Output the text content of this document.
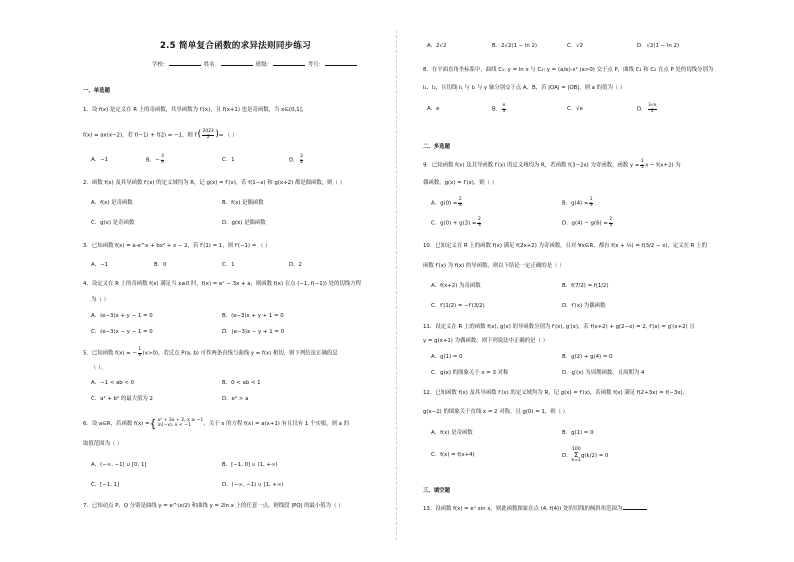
2.5 简单复合函数的求异法则同步练习
学校：	姓名：	班级：	考号：
一、单选题
1．设 f(x) 是定义在 R 上的奇函数，其导函数为 f′(x)，且 f(x+1) 也是奇函数，当 x∈(0,1]，
f(x) = ax(x−2)，若 f(−1) + f(2) = −1，则 $f'( \frac{2023}{2}$ )= （ ）
A．−1	B．− $\frac{3}{4}$	C．1	D． $\frac{3}{2}$
2．函数 f(x) 及其导函数 f′(x) 的定义域均为 R，记 g(x) = f′(x)，若 f(1−x) 和 g(x+2) 都是偶函数，则（ ）
A．f(x) 是奇函数	B．f(x) 是偶函数
C．g(x) 是奇函数	D．g(x) 是偶函数
3．已知函数 f(x) = a·e^x + bx² + x − 2，若 f′(1) = 1，则 f′(−1) = （ ）
A．−1	B．0	C．1	D．2
4．设定义在 R 上的奇函数 f(x) 满足当 x≥0 时，f(x) = eˣ − 3x + a，则函数 f(x) 在点 (−1, f(−1)) 处的切线方程
为（ ）
A．(e−3)x + y − 1 = 0	B．(e−3)x + y + 1 = 0
C．(e−3)x − y − 1 = 0	D．(e−3)x − y + 1 = 0
5．已知函数 f(x) = − $\frac{1}{x} (x>0)$，若过点 P(a, b) 可作两条直线与曲线 y = f(x) 相切，则下列结论正确的是
（ ）。
A．−1 < ab < 0	B．0 < ab < 1
C．a² + b² 的最大值为 2	D．eᵇ > a
6．设 a∈R，若函数 f(x) ={ x² + 3x + 2, x ≥ −1
ln(−x), x < −1	，关于 x 的方程 f(x) = a(x+1) 有且仅有 1 个实根，则 a 的
取值范围为（ ）
A．(−∞, −1) ∪ [0, 1]	B．[−1, 0] ∪ (1, +∞)
C．[−1, 1]	D．(−∞, −1) ∪ [1, +∞)
7．已知动点 P、Q 分别是曲线 y = e^(x/2) 和曲线 y = 2ln x 上的任意一点，则线段 |PQ| 的最小值为（ ）
A．2√2	B．2√2(1 − ln 2)	C．√2	D．√2(1 − ln 2)
8．在平面直角坐标系中，曲线 C₁: y = ln x 与 C₂: y = (a/e)·x² (a>0) 交于点 P，曲线 C₁ 和 C₂ 在点 P 处的切线分别为
l₁、l₂，且切线 l₁ 与 l₂ 与 y 轴分别交于点 A、B，若 |OA| = |OB|，则 a 的值为（ ）
A．e	B． $\frac{e}{3}$	C．√e	D． $\frac{3√e}{3}$
二、多选题
9．已知函数 f(x) 及其导函数 f′(x) 的定义域均为 R，若函数 f(3−2x) 为奇函数，函数 $y = \frac{1}{3}$ x − f(x+2) 为
偶函数，g(x) = f′(x)，则（ ）
A．$g(0) = \frac{2}{3}$	B．$g(4) = \frac{1}{3}$
C．$g(0) + g(3) = \frac{2}{3}$	D．$g(4) - g(6) = \frac{2}{3}$
10．已知定义在 R 上的函数 f(x) 满足 f(2x+2) 为奇函数，且对 ∀x∈R，都有 f(x + ½) = f(3/2 − x)，定义在 R 上的
函数 f′(x) 为 f(x) 的导函数，则以下结论一定正确的是（ ）
A．f(x+2) 为奇函数	B．f(7/2) = f(1/2)
C．f′(1/2) = −f′(3/2)	D．f′(x) 为偶函数
11．设定义在 R 上的函数 f(x), g(x) 的导函数分别为 f′(x), g′(x)，若 f(x+2) + g(2−x) = 2, f′(x) = g′(x+2) 且
y = g(x+1) 为偶函数，则下列说法中正确的是（ ）
A．g(1) = 0	B．g(2) + g(4) = 0
C．g(x) 的图象关于 x = 3 对称	D．g′(x) 为周期函数，且周期为 4
12．已知函数 f(x) 及其导函数 f′(x) 的定义域均为 R，记 g(x) = f′(x)，若函数 f(x) 满足 f(2+3x) = f(−3x)，
g(x−2) 的图象关于直线 x = 2 对称，且 g(0) = 1，则（ ）
A．f(x) 是奇函数	B．g(1) = 0
C．f(x) = f(x+4)	D．
100
Σ
k=1
g(k/2) = 0
三、填空题
13．设函数 f(x) = eˣ sin x，则此函数图象在点 (4, f(4)) 处的切线的倾斜角范围为
